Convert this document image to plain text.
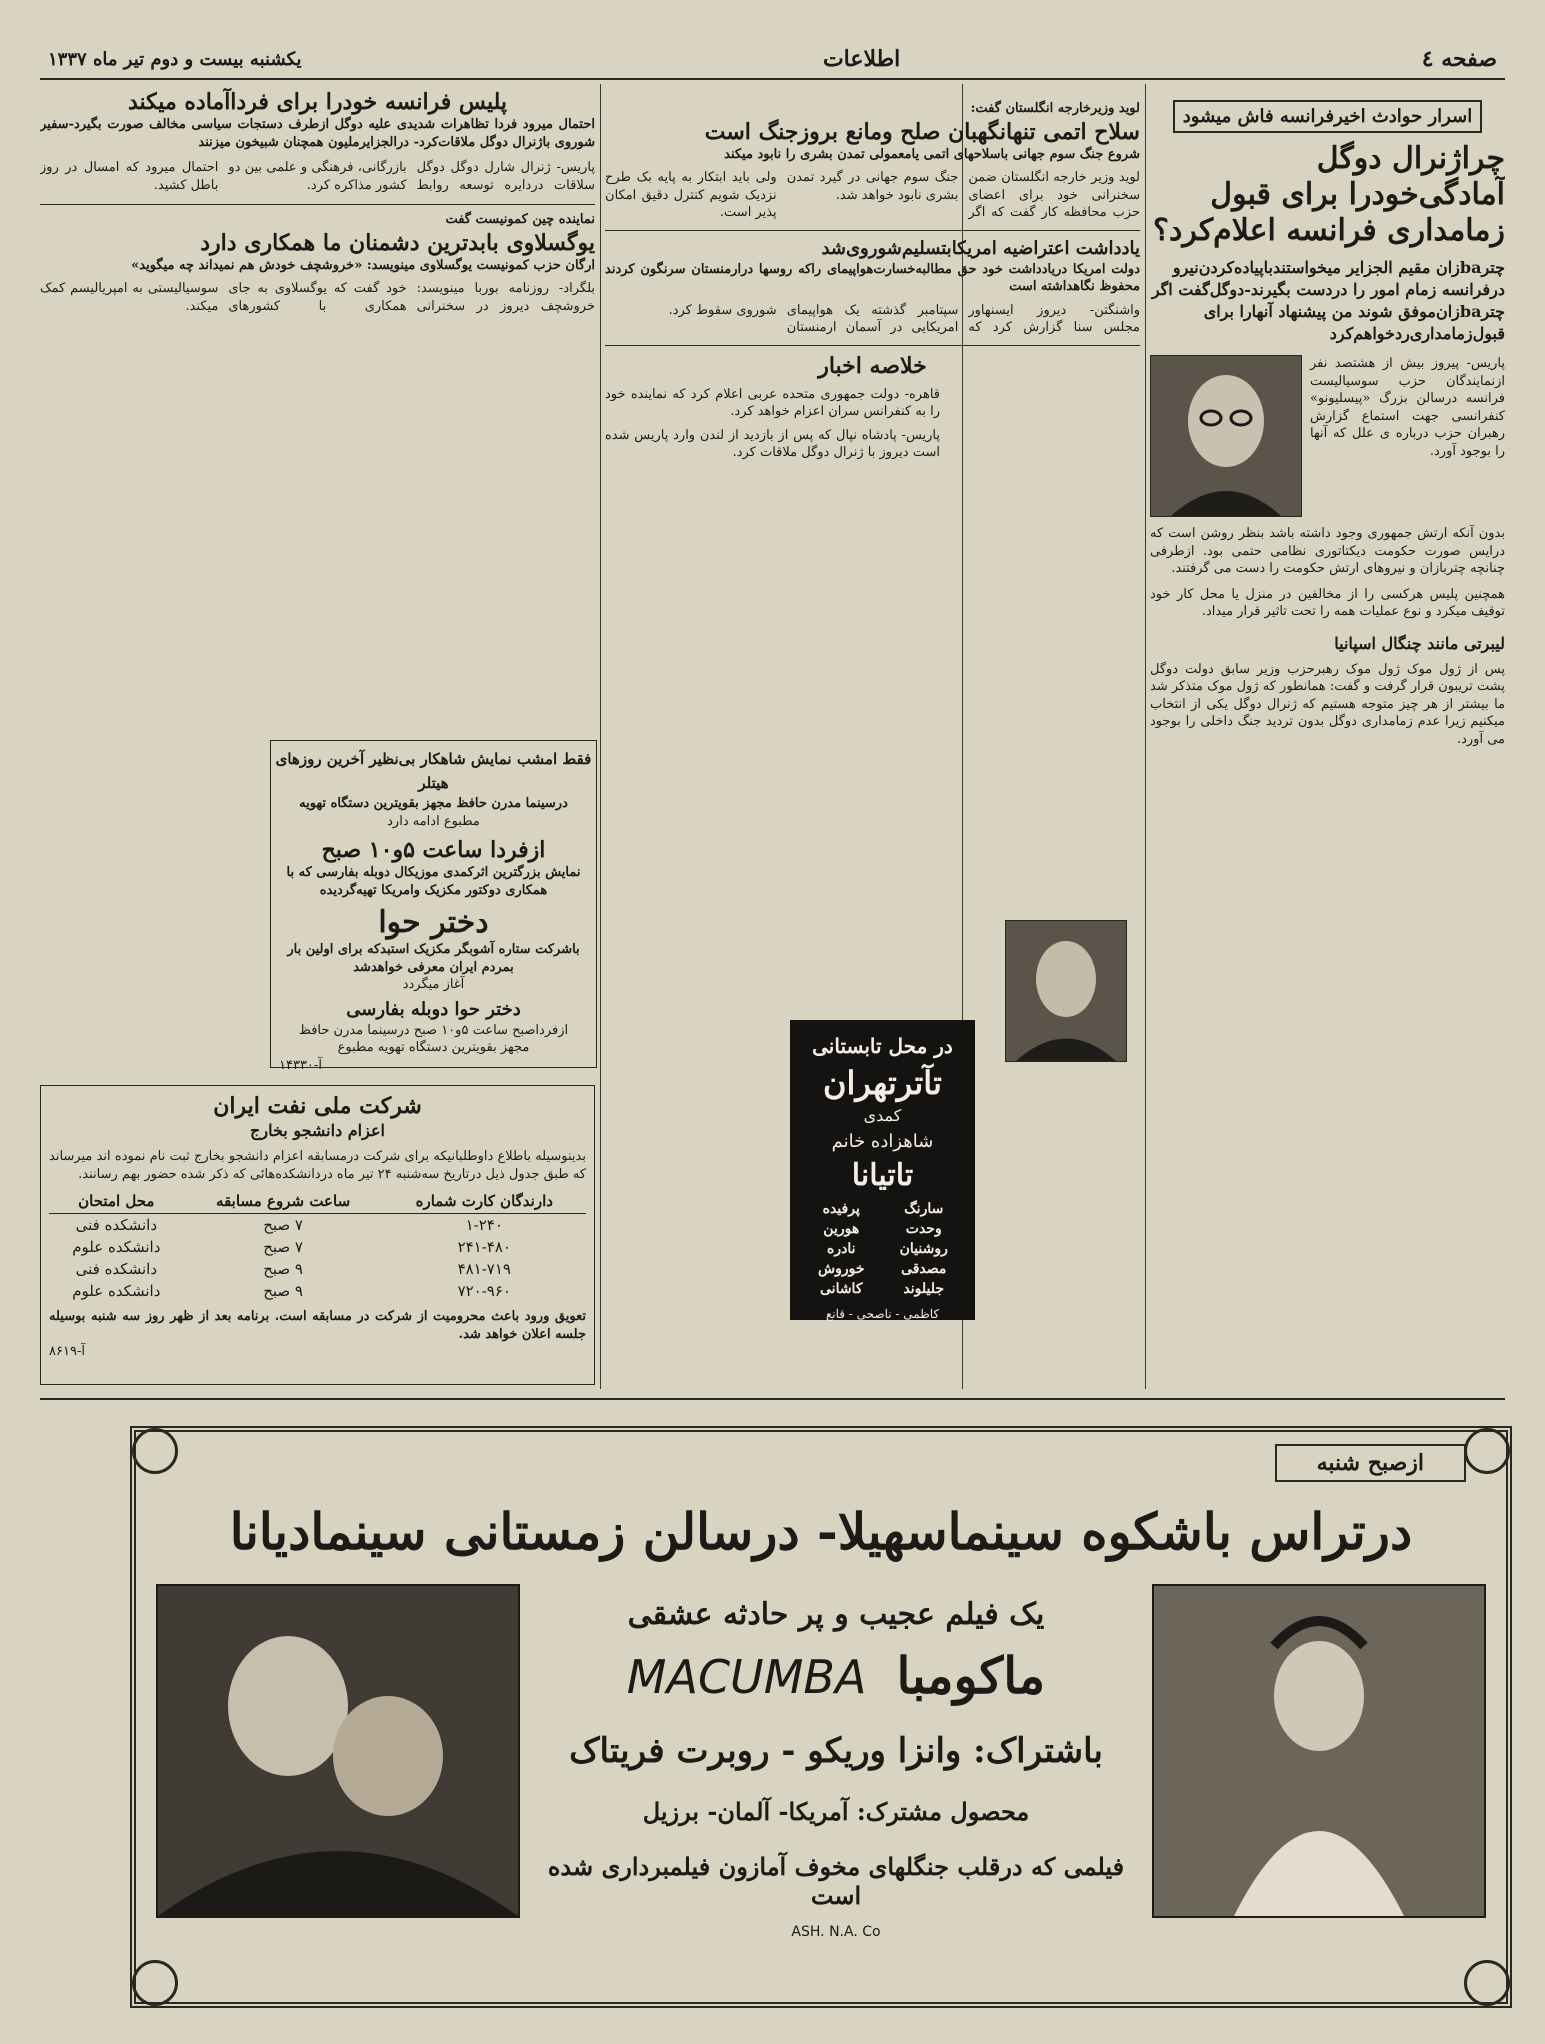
صفحه ٤
اطلاعات
یکشنبه بیست و دوم تیر ماه ۱۳۳۷
اسرار حوادث اخیرفرانسه فاش میشود

چراژنرال دوگل آمادگی‌خودرا برای قبول زمامداری فرانسه اعلام‌کرد؟

چترbaزان مقیم الجزایر میخواستند‌با‌پیاده‌کردن‌نیرو درفرانسه زمام امور را دردست بگیرند-دوگل‌گفت اگر چترbaزان‌موفق شوند من پیشنهاد آنهارا برای قبول‌زمامداری‌ردخواهم‌کرد

پاریس- پیروز بیش از هشتصد نفر ازنمایندگان حزب سوسیالیست فرانسه درسالن بزرگ «پیسلیونو» کنفرانسی جهت استماع گزارش رهبران حزب درباره ی علل که آنها را بوجود آورد.

بدون آنکه ارتش جمهوری وجود داشته باشد بنظر روشن است که درایس صورت حکومت دیکتاتوری نظامی حتمی بود. ازطرفی چنانچه چتربازان و نیروهای ارتش حکومت را دست می گرفتند.

همچنین پلیس هرکسی را از مخالفین در منزل یا محل کار خود توقیف میکرد و نوع عملیات همه را تحت تاثیر قرار میداد.

لیبرتی مانند چنگال اسپانیا

پس از ژول موک ژول موک رهبرحزب وزیر سابق دولت دوگل پشت تریبون قرار گرفت و گفت: همانطور که ژول موک متذکر شد ما بیشتر از هر چیز متوجه هستیم که ژنرال دوگل یکی از انتخاب میکنیم زیرا عدم زمامداری دوگل بدون تردید جنگ داخلی را بوجود می آورد.

لوید وزیرخارجه انگلستان گفت:

سلاح اتمی تنهانگهبان صلح ومانع بروزجنگ است

شروع جنگ سوم جهانی باسلاحهای اتمی یامعمولی تمدن بشری را نابود میکند

لوید وزیر خارجه انگلستان ضمن سخنرانی خود برای اعضای حزب محافظه کار گفت که اگر جنگ سوم جهانی در گیرد تمدن بشری نابود خواهد شد.

ولی باید ابتکار به پایه بک طرح نزدیک شویم کنترل دقیق امکان پذیر است.

یادداشت اعتراضیه امریکابتسلیم‌شوروی‌شد

دولت امریکا دریادداشت خود حق مطالبه‌خسارت‌هواپیمای راکه روسها درارمنستان سرنگون کردند محفوظ نگاهداشته است

واشنگتن- دیروز ایسنهاور مجلس سنا گزارش کرد که سپتامبر گذشته یک هواپیمای امریکایی در آسمان ارمنستان شوروی سقوط کرد.

خلاصه اخبار

قاهره- دولت جمهوری متحده عربی اعلام کرد که نماینده خود را به کنفرانس سران اعزام خواهد کرد.

پاریس- پادشاه نپال که پس از بازدید از لندن وارد پاریس شده است دیروز با ژنرال دوگل ملاقات کرد.

در محل تابستانی
تآترتهران
کمدی
شاهزاده خانم
تاتیانا
سارنگ
پرفیده
وحدت
هورین
روشنیان
نادره
مصدقی
خوروش
جلیلوند
کاشانی
کاظمی - ناصحی - قانع

پلیس فرانسه خودرا برای فرداآماده میکند

احتمال میرود فردا تظاهرات شدیدی علیه دوگل ازطرف دستجات سیاسی مخالف صورت بگیرد-سفیر شوروی باژنرال دوگل ملاقات‌کرد- درالجزایرملیون همچنان شبیخون میزنند

پاریس- ژنرال شارل دوگل دوگل سلاقات دردایره توسعه روابط بازرگانی، فرهنگی و علمی بین دو کشور مذاکره کرد.

احتمال میرود که امسال در روز باطل کشید.

نماینده چین کمونیست گفت

یوگسلاوی بابدترین دشمنان ما همکاری دارد

ارگان حزب کمونیست یوگسلاوی مینویسد: «خروشچف خودش هم نمیداند چه میگوید»

بلگراد- روزنامه بوربا مینویسد: خروشچف دیروز در سخنرانی خود گفت که یوگسلاوی به جای همکاری با کشورهای سوسیالیستی به امپریالیسم کمک میکند.

فقط امشب نمایش شاهکار بی‌نظیر آخرین روزهای هیتلر
درسینما مدرن حافظ مجهز بقویترین دستگاه تهویه
مطبوع ادامه دارد
ازفردا ساعت ۵و۱۰ صبح
نمایش بزرگترین اثرکمدی موزیکال دوبله بفارسی که با همکاری دوکتور مکزیک وامریکا تهیه‌گردیده
دختر حوا
باشرکت ستاره آشوبگر مکزیک استبدکه برای اولین بار بمردم ایران معرفی خواهدشد
آغاز میگردد
دختر حوا دوبله بفارسی
ازفرداصبح ساعت ۵و۱۰ صبح درسینما مدرن حافظ
مجهز بقویترین دستگاه تهویه مطبوع
آ-۱۴۳۳۰
شرکت ملی نفت ایران
اعزام دانشجو بخارج

بدینوسیله باطلاع داوطلبانیکه برای شرکت درمسابقه اعزام دانشجو بخارج ثبت نام نموده اند میرساند که طبق جدول ذیل درتاریخ سه‌شنبه ۲۴ تیر ماه دردانشکده‌هائی که ذکر شده حضور بهم رسانند.

دارندگان کارت شماره	ساعت شروع مسابقه	محل امتحان
۱-۲۴۰	۷ صبح	دانشکده فنی
۲۴۱-۴۸۰	۷ صبح	دانشکده علوم
۴۸۱-۷۱۹	۹ صبح	دانشکده فنی
۷۲۰-۹۶۰	۹ صبح	دانشکده علوم

تعویق ورود باعث محرومیت از شرکت در مسابقه است. برنامه بعد از ظهر روز سه شنبه بوسیله جلسه اعلان خواهد شد.

آ-۸۶۱۹

ازصبح شنبه
درتراس باشکوه سینماسهیلا- درسالن زمستانی سینمادیانا
یک فیلم عجیب و پر حادثه عشقی
MACUMBA ماکومبا
باشتراک: وانزا وریکو - روبرت فریتاک
محصول مشترک: آمریکا- آلمان- برزیل
فیلمی که درقلب جنگلهای مخوف آمازون فیلمبرداری شده است
ASH. N.A. Co
